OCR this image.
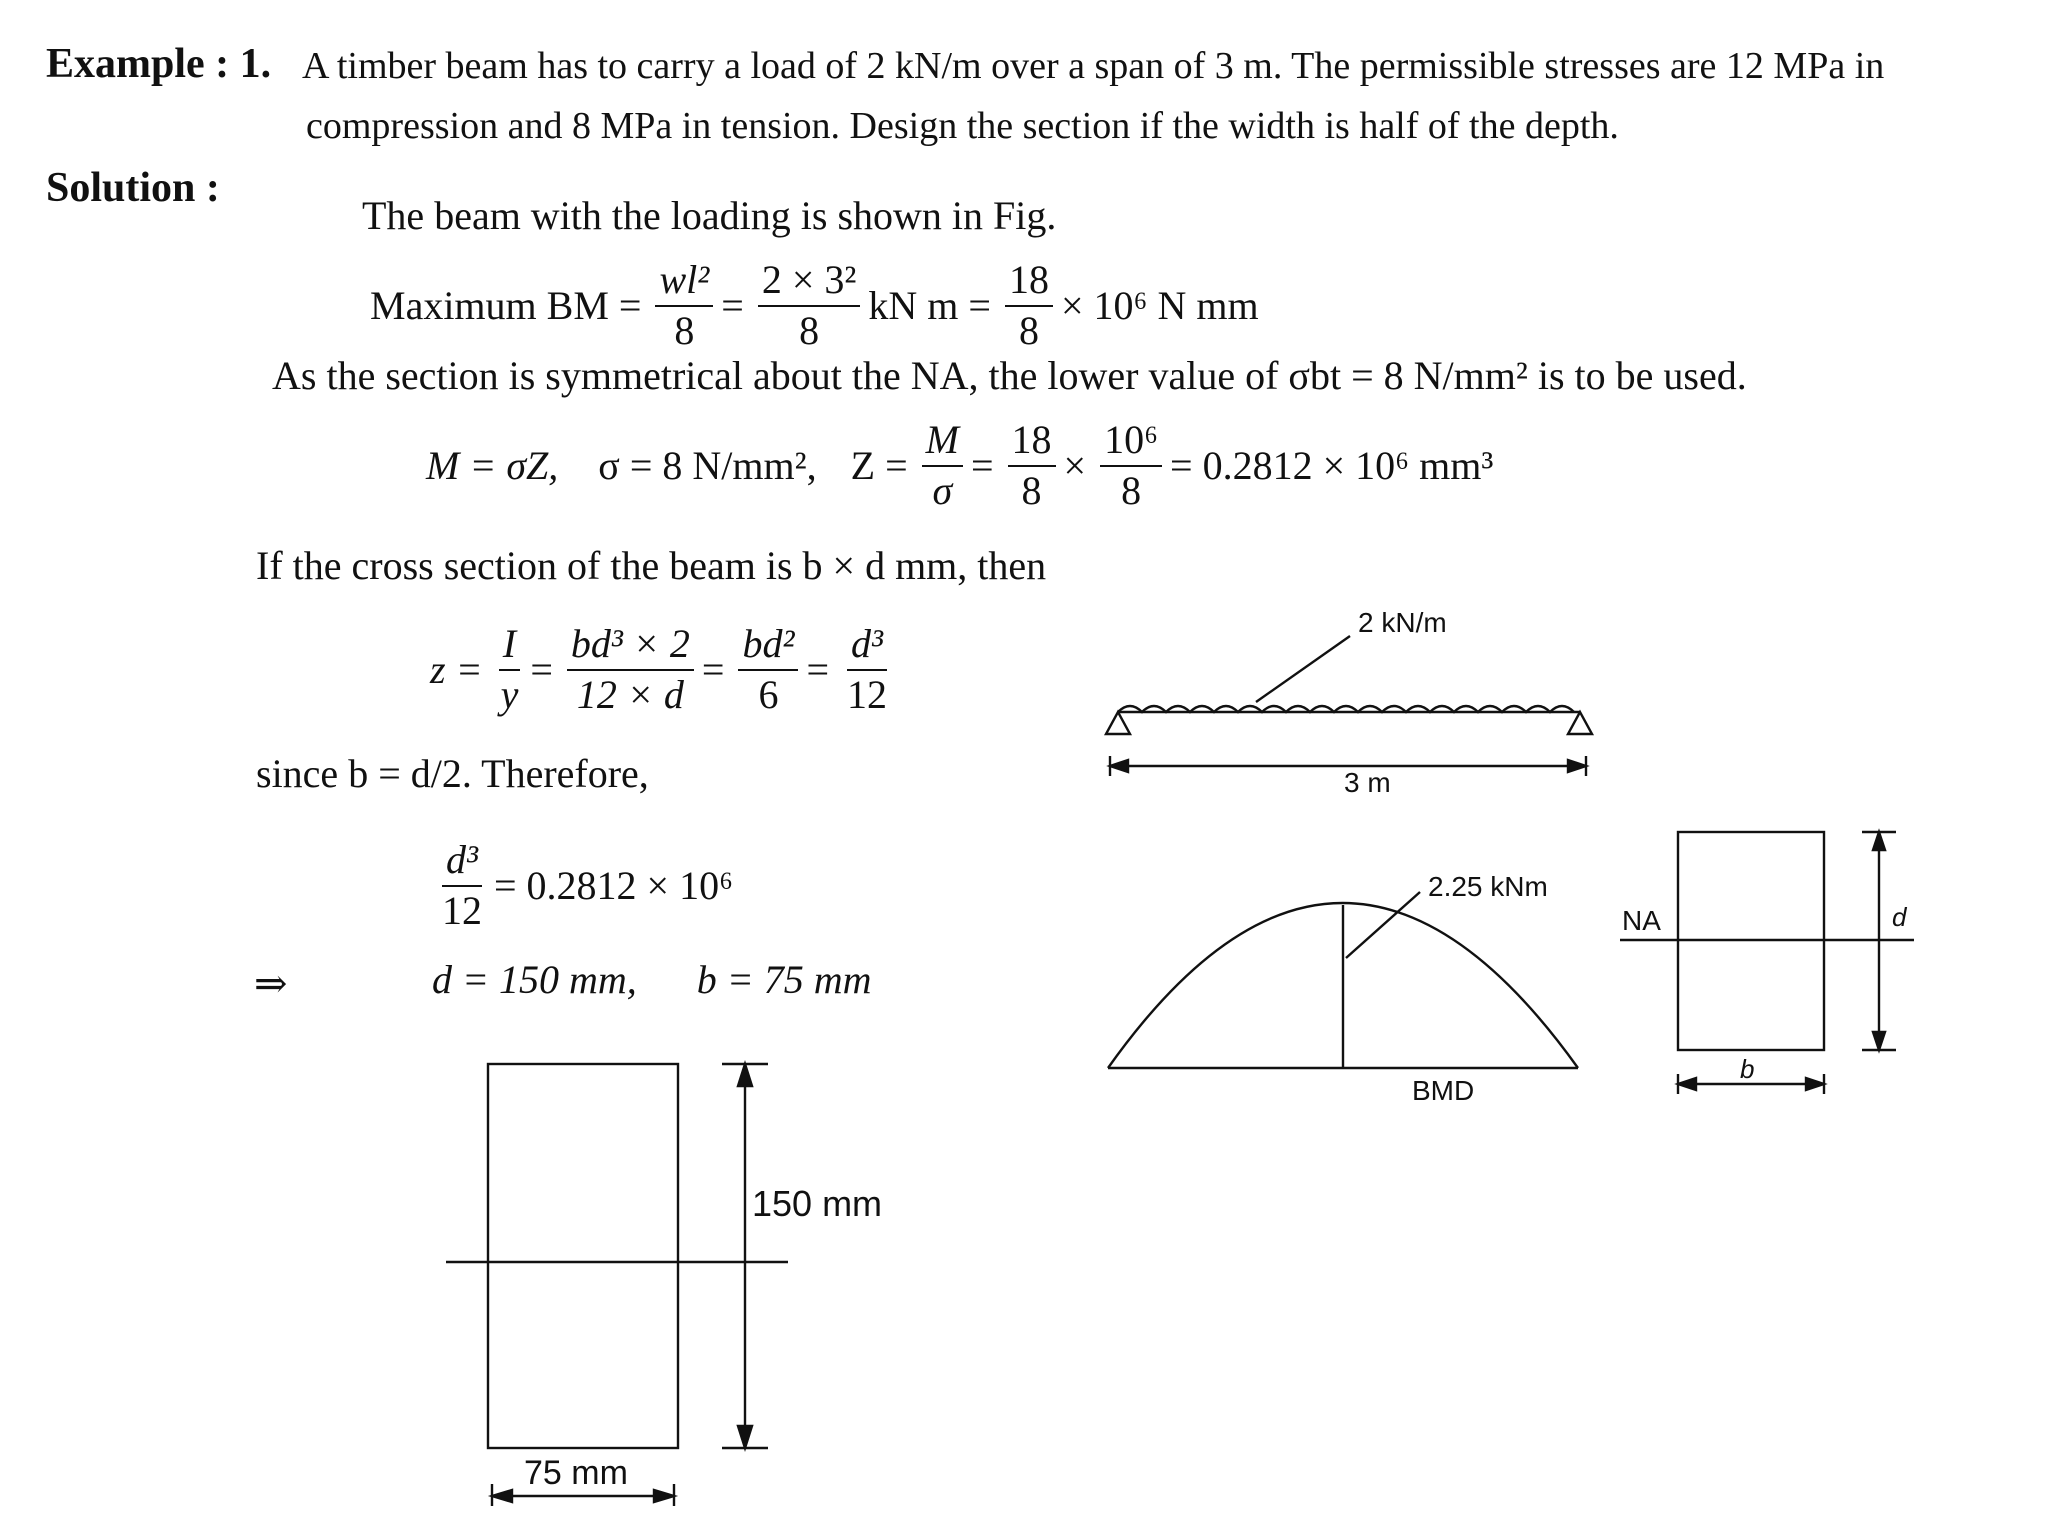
Example : 1. A timber beam has to carry a load of 2 kN/m over a span of 3 m. The permissible stresses are 12 MPa in
compression and 8 MPa in tension. Design the section if the width is half of the depth.
Solution :
The beam with the loading is shown in Fig.
Maximum BM = $\frac{\text{wl²}}{8} = \frac{\text{2 × 3²}}{8}$ kN $m = \frac{18}{8} \times 10^6$ N mm
As the section is symmetrical about the NA, the lower value of σbt = 8 N/mm² is to be used.
M = σZ, σ = 8 N/mm², $Z = \frac{M}{\sigma} = \frac{18}{8} \times \frac{\text{10⁶}}{8} = 0.2812 \times 10^6$ mm³
If the cross section of the beam is b × d mm, then
$z = \frac{I}{y} = \frac{\text{bd³ × 2}}{12 \times d} = \frac{\text{bd²}}{6} = \frac{\text{d³}}{12}$
since b = d/2. Therefore,
$\frac{\text{d³}}{12} = 0.2812 \times 10^6$
⇒	d = 150 mm,      b = 75 mm
2 kN/m
3 m
2.25 kNm
BMD
NA	d
b
150 mm
75 mm
